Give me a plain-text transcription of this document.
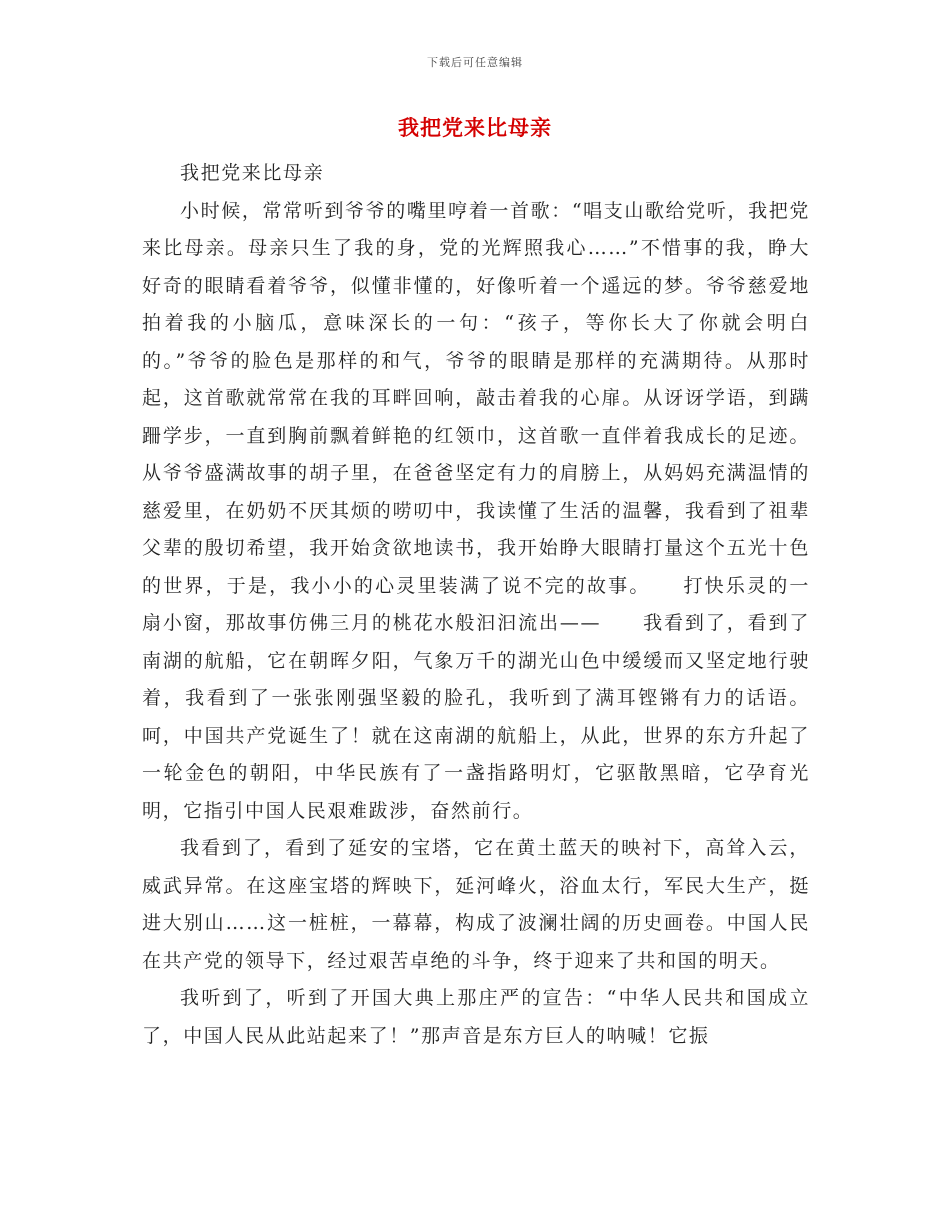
下载后可任意编辑
我把党来比母亲

我把党来比母亲

小时候，常常听到爷爷的嘴里哼着一首歌：“唱支山歌给党听，我把党来比母亲。母亲只生了我的身，党的光辉照我心……”不惜事的我，睁大好奇的眼睛看着爷爷，似懂非懂的，好像听着一个遥远的梦。爷爷慈爱地拍着我的小脑瓜，意味深长的一句：“孩子，等你长大了你就会明白的。”爷爷的脸色是那样的和气，爷爷的眼睛是那样的充满期待。从那时起，这首歌就常常在我的耳畔回响，敲击着我的心扉。从讶讶学语，到蹒跚学步，一直到胸前飘着鲜艳的红领巾，这首歌一直伴着我成长的足迹。从爷爷盛满故事的胡子里，在爸爸坚定有力的肩膀上，从妈妈充满温情的慈爱里，在奶奶不厌其烦的唠叨中，我读懂了生活的温馨，我看到了祖辈父辈的殷切希望，我开始贪欲地读书，我开始睁大眼睛打量这个五光十色的世界，于是，我小小的心灵里装满了说不完的故事。　　打快乐灵的一扇小窗，那故事仿佛三月的桃花水般汩汩流出——　　我看到了，看到了南湖的航船，它在朝晖夕阳，气象万千的湖光山色中缓缓而又坚定地行驶着，我看到了一张张刚强坚毅的脸孔，我听到了满耳铿锵有力的话语。呵，中国共产党诞生了！就在这南湖的航船上，从此，世界的东方升起了一轮金色的朝阳，中华民族有了一盏指路明灯，它驱散黑暗，它孕育光明，它指引中国人民艰难跋涉，奋然前行。

我看到了，看到了延安的宝塔，它在黄土蓝天的映衬下，高耸入云，威武异常。在这座宝塔的辉映下，延河峰火，浴血太行，军民大生产，挺进大别山……这一桩桩，一幕幕，构成了波澜壮阔的历史画卷。中国人民在共产党的领导下，经过艰苦卓绝的斗争，终于迎来了共和国的明天。

我听到了，听到了开国大典上那庄严的宣告：“中华人民共和国成立了，中国人民从此站起来了！”那声音是东方巨人的呐喊！它振
